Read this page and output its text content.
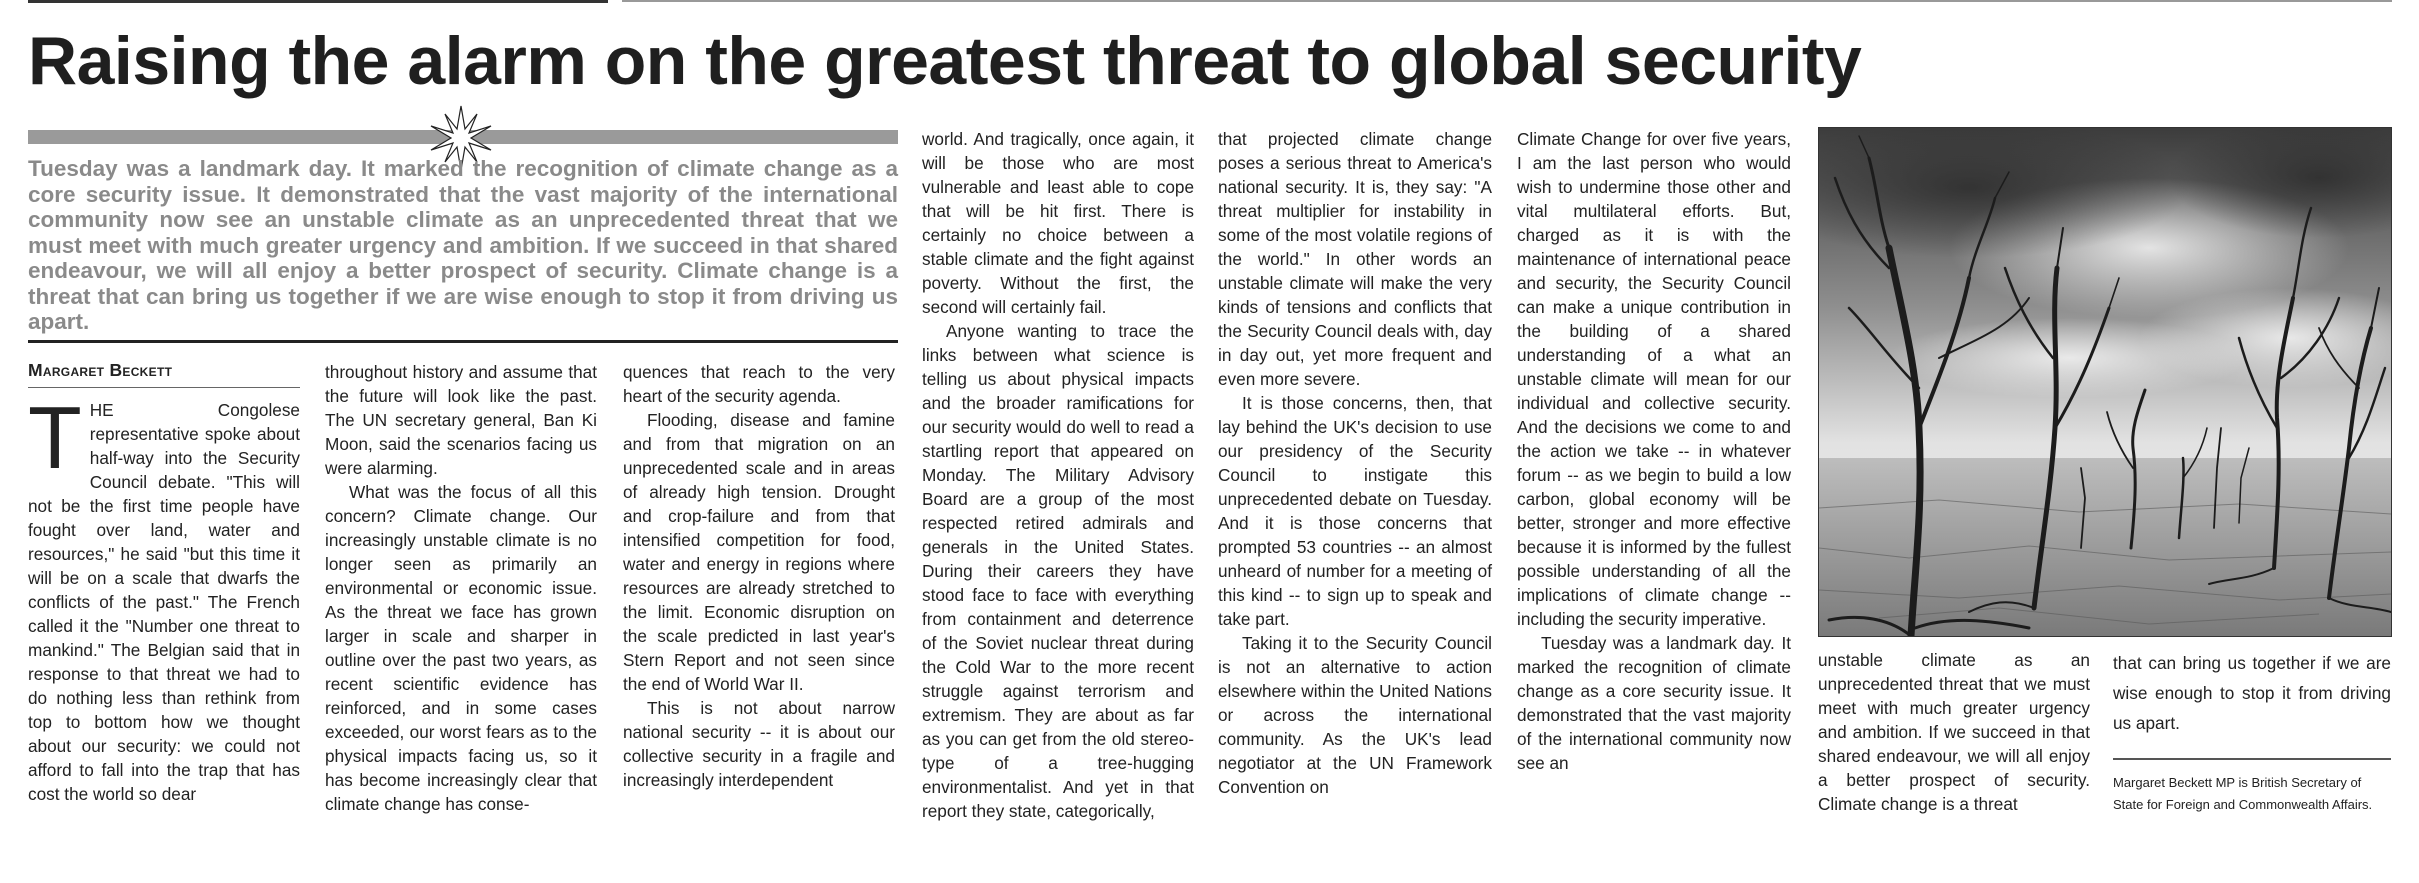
Raising the alarm on the greatest threat to global security

Tuesday was a landmark day. It marked the recognition of climate change as a core security issue. It demonstrated that the vast majority of the international community now see an unstable climate as an unprecedented threat that we must meet with much greater urgency and ambition. If we succeed in that shared endeavour, we will all enjoy a better prospect of security. Climate change is a threat that can bring us together if we are wise enough to stop it from driving us apart.

Margaret Beckett

THE Congolese representative spoke about half-way into the Security Council debate. "This will not be the first time people have fought over land, water and resources," he said "but this time it will be on a scale that dwarfs the conflicts of the past." The French called it the "Number one threat to mankind." The Belgian said that in response to that threat we had to do nothing less than rethink from top to bottom how we thought about our security: we could not afford to fall into the trap that has cost the world so dear

throughout history and assume that the future will look like the past. The UN secretary general, Ban Ki Moon, said the scenarios facing us were alarming.

What was the focus of all this concern? Climate change. Our increasingly unstable climate is no longer seen as primarily an environmental or economic issue. As the threat we face has grown larger in scale and sharper in outline over the past two years, as recent scientific evidence has reinforced, and in some cases exceeded, our worst fears as to the physical impacts facing us, so it has become increasingly clear that climate change has conse-

quences that reach to the very heart of the security agenda.

Flooding, disease and famine and from that migration on an unprecedented scale and in areas of already high tension. Drought and crop-failure and from that intensified competition for food, water and energy in regions where resources are already stretched to the limit. Economic disruption on the scale predicted in last year's Stern Report and not seen since the end of World War II.

This is not about narrow national security -- it is about our collective security in a fragile and increasingly interdependent

world. And tragically, once again, it will be those who are most vulnerable and least able to cope that will be hit first. There is certainly no choice between a stable climate and the fight against poverty. Without the first, the second will certainly fail.

Anyone wanting to trace the links between what science is telling us about physical impacts and the broader ramifications for our security would do well to read a startling report that appeared on Monday. The Military Advisory Board are a group of the most respected retired admirals and generals in the United States. During their careers they have stood face to face with everything from containment and deterrence of the Soviet nuclear threat during the Cold War to the more recent struggle against terrorism and extremism. They are about as far as you can get from the old stereo-type of a tree-hugging environmentalist. And yet in that report they state, categorically,

that projected climate change poses a serious threat to America's national security. It is, they say: "A threat multiplier for instability in some of the most volatile regions of the world." In other words an unstable climate will make the very kinds of tensions and conflicts that the Security Council deals with, day in day out, yet more frequent and even more severe.

It is those concerns, then, that lay behind the UK's decision to use our presidency of the Security Council to instigate this unprecedented debate on Tuesday. And it is those concerns that prompted 53 countries -- an almost unheard of number for a meeting of this kind -- to sign up to speak and take part.

Taking it to the Security Council is not an alternative to action elsewhere within the United Nations or across the international community. As the UK's lead negotiator at the UN Framework Convention on

Climate Change for over five years, I am the last person who would wish to undermine those other and vital multilateral efforts. But, charged as it is with the maintenance of international peace and security, the Security Council can make a unique contribution in the building of a shared understanding of a what an unstable climate will mean for our individual and collective security. And the decisions we come to and the action we take -- in whatever forum -- as we begin to build a low carbon, global economy will be better, stronger and more effective because it is informed by the fullest possible understanding of all the implications of climate change -- including the security imperative.

Tuesday was a landmark day. It marked the recognition of climate change as a core security issue. It demonstrated that the vast majority of the international community now see an

unstable climate as an unprecedented threat that we must meet with much greater urgency and ambition. If we succeed in that shared endeavour, we will all enjoy a better prospect of security. Climate change is a threat

that can bring us together if we are wise enough to stop it from driving us apart.

Margaret Beckett MP is British Secretary of State for Foreign and Commonwealth Affairs.
